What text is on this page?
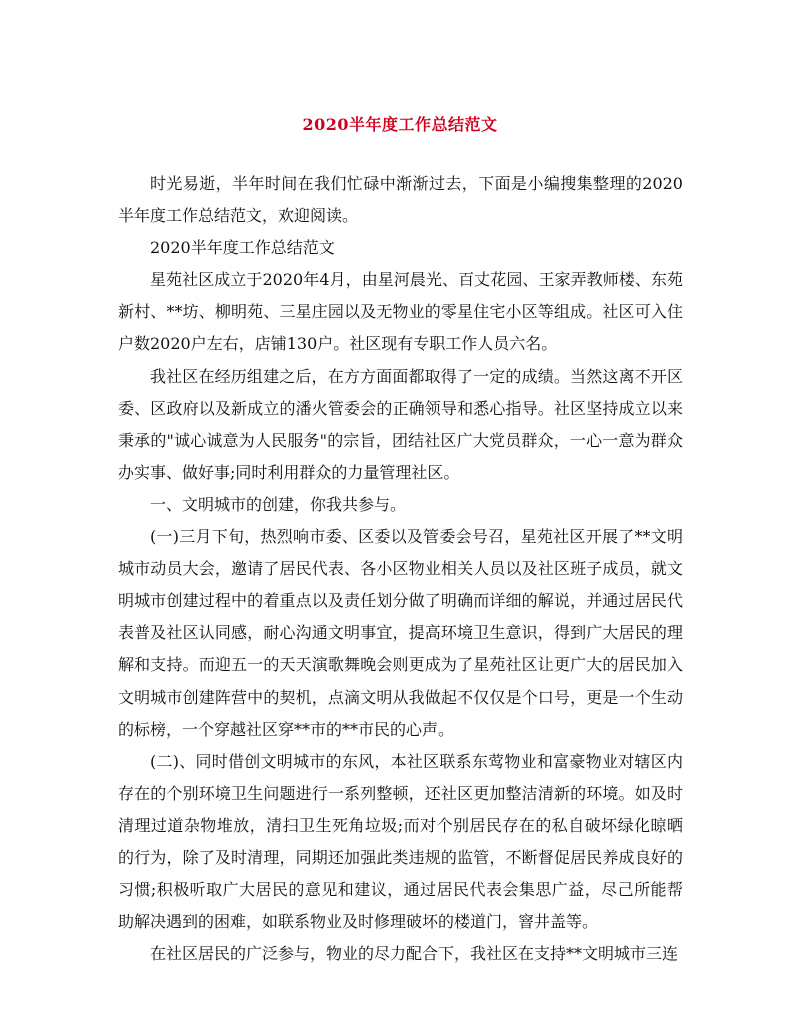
2020半年度工作总结范文

时光易逝，半年时间在我们忙碌中渐渐过去，下面是小编搜集整理的2020半年度工作总结范文，欢迎阅读。

2020半年度工作总结范文

星苑社区成立于2020年4月，由星河晨光、百丈花园、王家弄教师楼、东苑新村、**坊、柳明苑、三星庄园以及无物业的零星住宅小区等组成。社区可入住户数2020户左右，店铺130户。社区现有专职工作人员六名。

我社区在经历组建之后，在方方面面都取得了一定的成绩。当然这离不开区委、区政府以及新成立的潘火管委会的正确领导和悉心指导。社区坚持成立以来秉承的"诚心诚意为人民服务"的宗旨，团结社区广大党员群众，一心一意为群众办实事、做好事;同时利用群众的力量管理社区。

一、文明城市的创建，你我共参与。

(一)三月下旬，热烈响市委、区委以及管委会号召，星苑社区开展了**文明城市动员大会，邀请了居民代表、各小区物业相关人员以及社区班子成员，就文明城市创建过程中的着重点以及责任划分做了明确而详细的解说，并通过居民代表普及社区认同感，耐心沟通文明事宜，提高环境卫生意识，得到广大居民的理解和支持。而迎五一的天天演歌舞晚会则更成为了星苑社区让更广大的居民加入文明城市创建阵营中的契机，点滴文明从我做起不仅仅是个口号，更是一个生动的标榜，一个穿越社区穿**市的**市民的心声。

(二)、同时借创文明城市的东风，本社区联系东莺物业和富豪物业对辖区内存在的个别环境卫生问题进行一系列整顿，还社区更加整洁清新的环境。如及时清理过道杂物堆放，清扫卫生死角垃圾;而对个别居民存在的私自破坏绿化晾晒的行为，除了及时清理，同期还加强此类违规的监管，不断督促居民养成良好的习惯;积极听取广大居民的意见和建议，通过居民代表会集思广益，尽己所能帮助解决遇到的困难，如联系物业及时修理破坏的楼道门，窨井盖等。

在社区居民的广泛参与，物业的尽力配合下，我社区在支持**文明城市三连
